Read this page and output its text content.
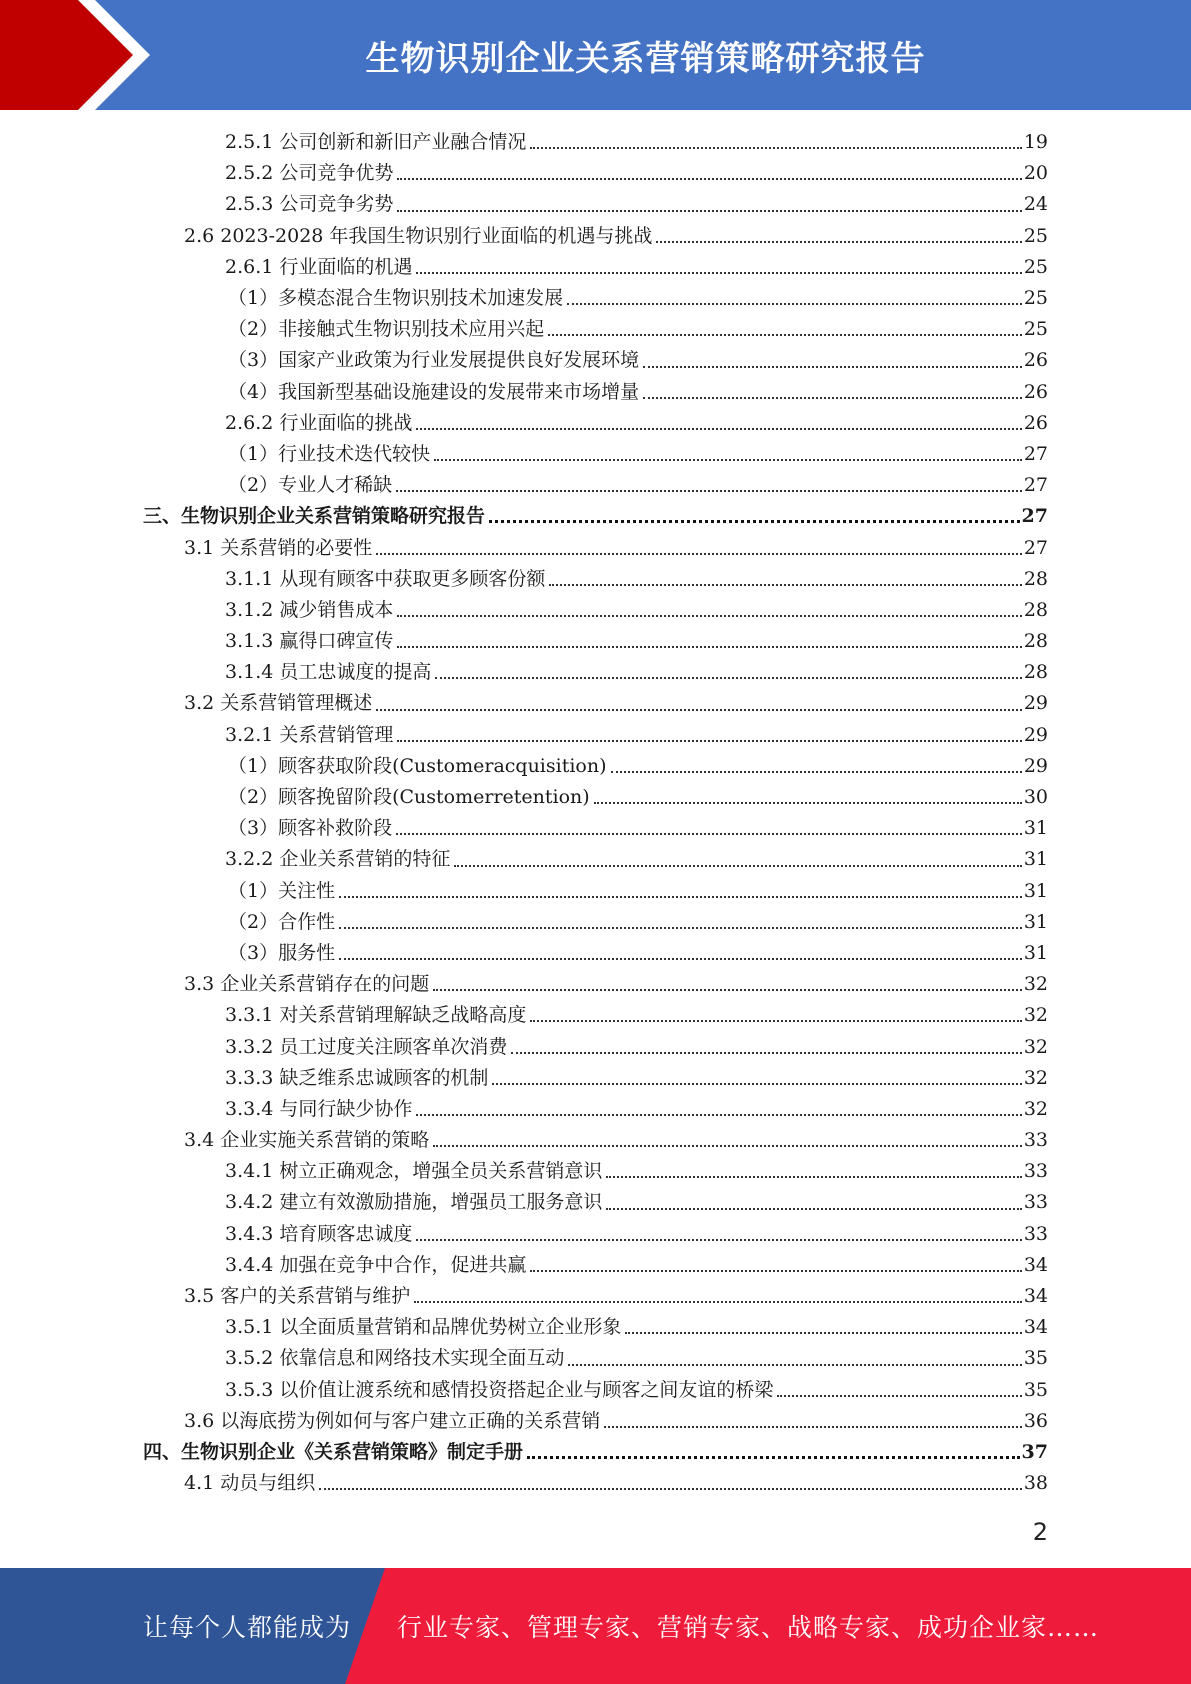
生物识别企业关系营销策略研究报告
2.5.1 公司创新和新旧产业融合情况	19
2.5.2 公司竞争优势	20
2.5.3 公司竞争劣势	24
2.6 2023-2028 年我国生物识别行业面临的机遇与挑战	25
2.6.1 行业面临的机遇	25
（1）多模态混合生物识别技术加速发展	25
（2）非接触式生物识别技术应用兴起	25
（3）国家产业政策为行业发展提供良好发展环境	26
（4）我国新型基础设施建设的发展带来市场增量	26
2.6.2 行业面临的挑战	26
（1）行业技术迭代较快	27
（2）专业人才稀缺	27
三、生物识别企业关系营销策略研究报告	27
3.1 关系营销的必要性	27
3.1.1 从现有顾客中获取更多顾客份额	28
3.1.2 减少销售成本	28
3.1.3 赢得口碑宣传	28
3.1.4 员工忠诚度的提高	28
3.2 关系营销管理概述	29
3.2.1 关系营销管理	29
（1）顾客获取阶段(Customeracquisition)	29
（2）顾客挽留阶段(Customerretention)	30
（3）顾客补救阶段	31
3.2.2 企业关系营销的特征	31
（1）关注性	31
（2）合作性	31
（3）服务性	31
3.3 企业关系营销存在的问题	32
3.3.1 对关系营销理解缺乏战略高度	32
3.3.2 员工过度关注顾客单次消费	32
3.3.3 缺乏维系忠诚顾客的机制	32
3.3.4 与同行缺少协作	32
3.4 企业实施关系营销的策略	33
3.4.1 树立正确观念，增强全员关系营销意识	33
3.4.2 建立有效激励措施，增强员工服务意识	33
3.4.3 培育顾客忠诚度	33
3.4.4 加强在竞争中合作，促进共赢	34
3.5 客户的关系营销与维护	34
3.5.1 以全面质量营销和品牌优势树立企业形象	34
3.5.2 依靠信息和网络技术实现全面互动	35
3.5.3 以价值让渡系统和感情投资搭起企业与顾客之间友谊的桥梁	35
3.6 以海底捞为例如何与客户建立正确的关系营销	36
四、生物识别企业《关系营销策略》制定手册	37
4.1 动员与组织	38
2
让每个人都能成为 行业专家、管理专家、营销专家、战略专家、成功企业家……
